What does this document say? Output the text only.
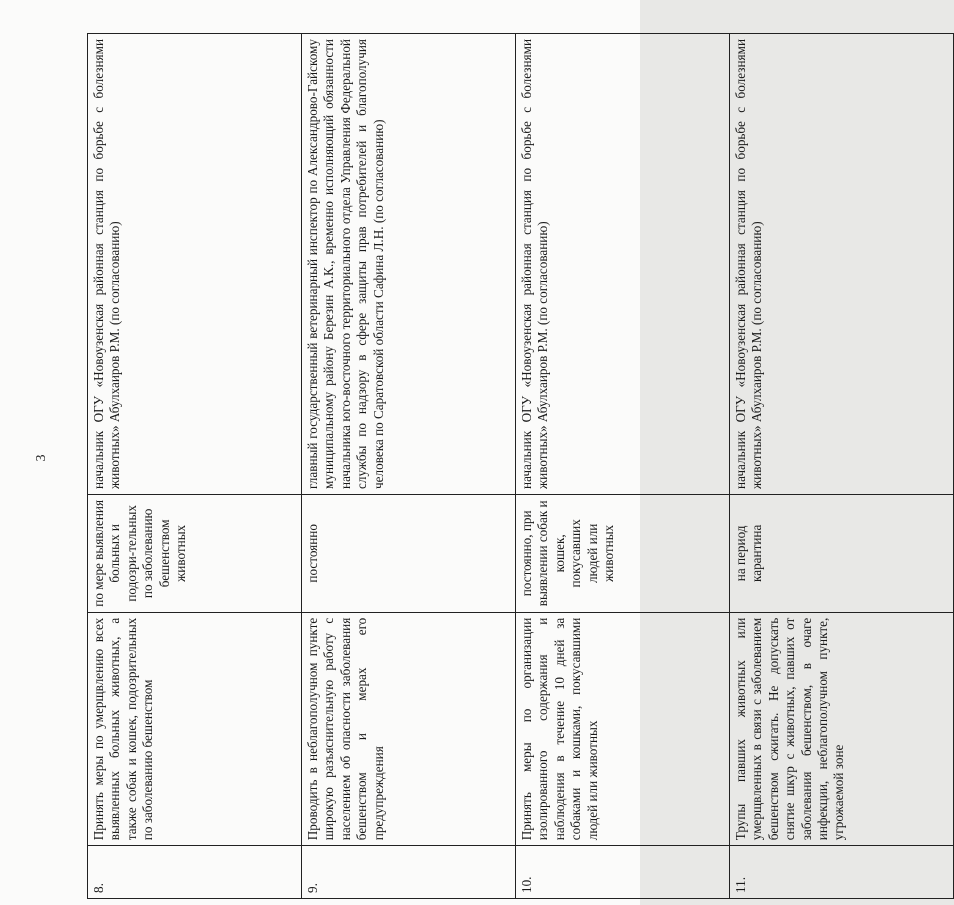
3
8.	Принять меры по умерщвлению всех выявленных больных животных, а также собак и кошек, подозрительных по заболеванию бешенством	по мере выявления больных и подозри-тельных по заболеванию бешенством животных	начальник ОГУ «Новоузенская районная станция по борьбе с болезнями животных» Абулхаиров Р.М. (по согласованию)
9.	Проводить в неблагополучном пункте широкую разъяснительную работу с населением об опасности заболевания бешенством и мерах его предупреждения	постоянно	главный государственный ветеринарный инспектор по Александрово-Гайскому муниципальному району Березин А.К., временно исполняющий обязанности начальника юго-восточного территориального отдела Управления Федеральной службы по надзору в сфере защиты прав потребителей и благополучия человека по Саратовской области Сафина Л.Н. (по согласованию)
10.	Принять меры по организации изолированного содержания и наблюдения в течение 10 дней за собаками и кошками, покусавшими людей или животных	постоянно, при выявлении собак и кошек, покусавших людей или животных	начальник ОГУ «Новоузенская районная станция по борьбе с болезнями животных» Абулхаиров Р.М. (по согласованию)
11.	Трупы павших животных или умерщвленных в связи с заболеванием бешенством сжигать. Не допускать снятие шкур с животных, павших от заболевания бешенством, в очаге инфекции, неблагополучном пункте, угрожаемой зоне	на период карантина	начальник ОГУ «Новоузенская районная станция по борьбе с болезнями животных» Абулхаиров Р.М. (по согласованию)
